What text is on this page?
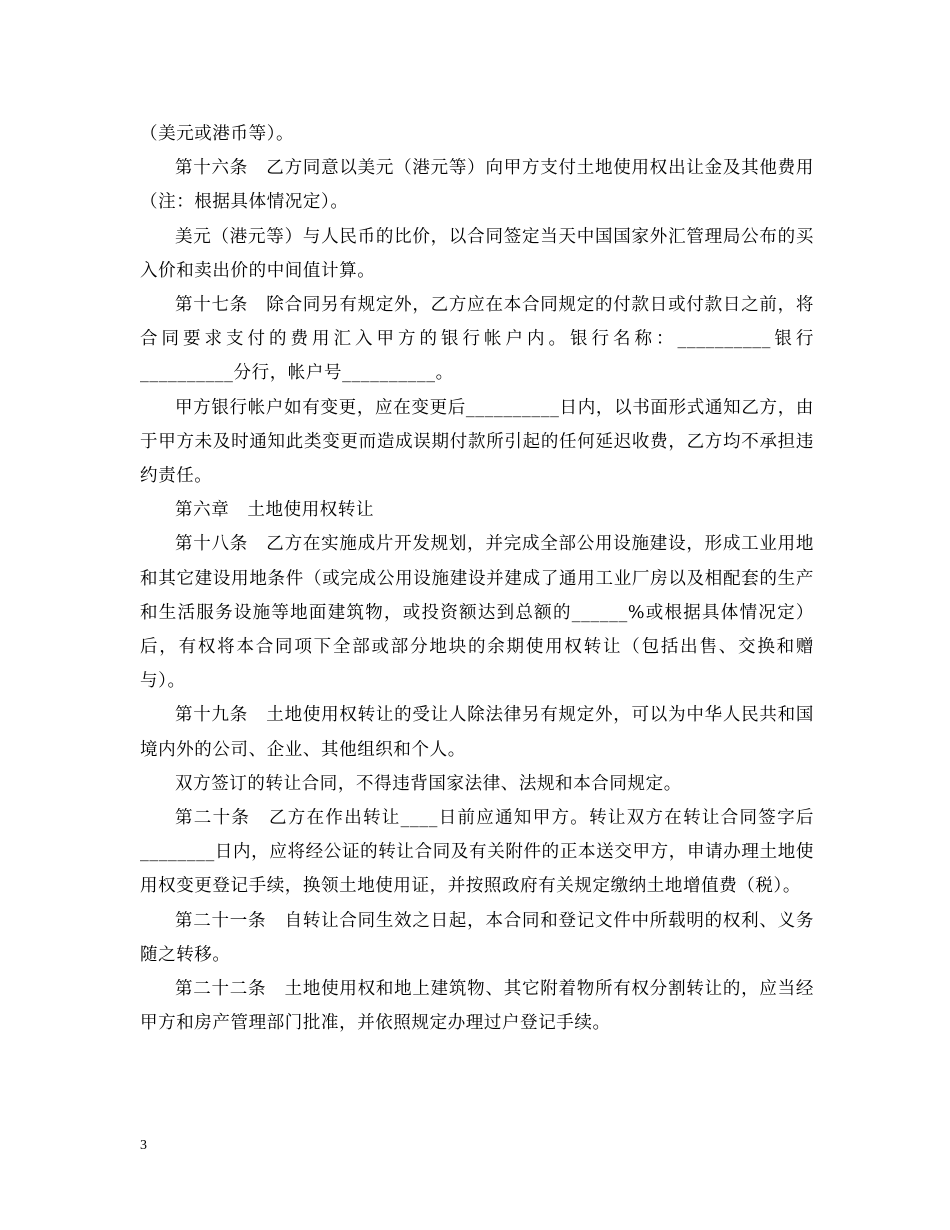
（美元或港币等）。

第十六条　乙方同意以美元（港元等）向甲方支付土地使用权出让金及其他费用（注：根据具体情况定）。

美元（港元等）与人民币的比价，以合同签定当天中国国家外汇管理局公布的买入价和卖出价的中间值计算。

第十七条　除合同另有规定外，乙方应在本合同规定的付款日或付款日之前，将合同要求支付的费用汇入甲方的银行帐户内。银行名称：__________银行__________分行，帐户号__________。

甲方银行帐户如有变更，应在变更后__________日内，以书面形式通知乙方，由于甲方未及时通知此类变更而造成误期付款所引起的任何延迟收费，乙方均不承担违约责任。

第六章　土地使用权转让

第十八条　乙方在实施成片开发规划，并完成全部公用设施建设，形成工业用地和其它建设用地条件（或完成公用设施建设并建成了通用工业厂房以及相配套的生产和生活服务设施等地面建筑物，或投资额达到总额的______%或根据具体情况定）后，有权将本合同项下全部或部分地块的余期使用权转让（包括出售、交换和赠与）。

第十九条　土地使用权转让的受让人除法律另有规定外，可以为中华人民共和国境内外的公司、企业、其他组织和个人。

双方签订的转让合同，不得违背国家法律、法规和本合同规定。

第二十条　乙方在作出转让____日前应通知甲方。转让双方在转让合同签字后________日内，应将经公证的转让合同及有关附件的正本送交甲方，申请办理土地使用权变更登记手续，换领土地使用证，并按照政府有关规定缴纳土地增值费（税）。

第二十一条　自转让合同生效之日起，本合同和登记文件中所载明的权利、义务随之转移。

第二十二条　土地使用权和地上建筑物、其它附着物所有权分割转让的，应当经甲方和房产管理部门批准，并依照规定办理过户登记手续。

3
